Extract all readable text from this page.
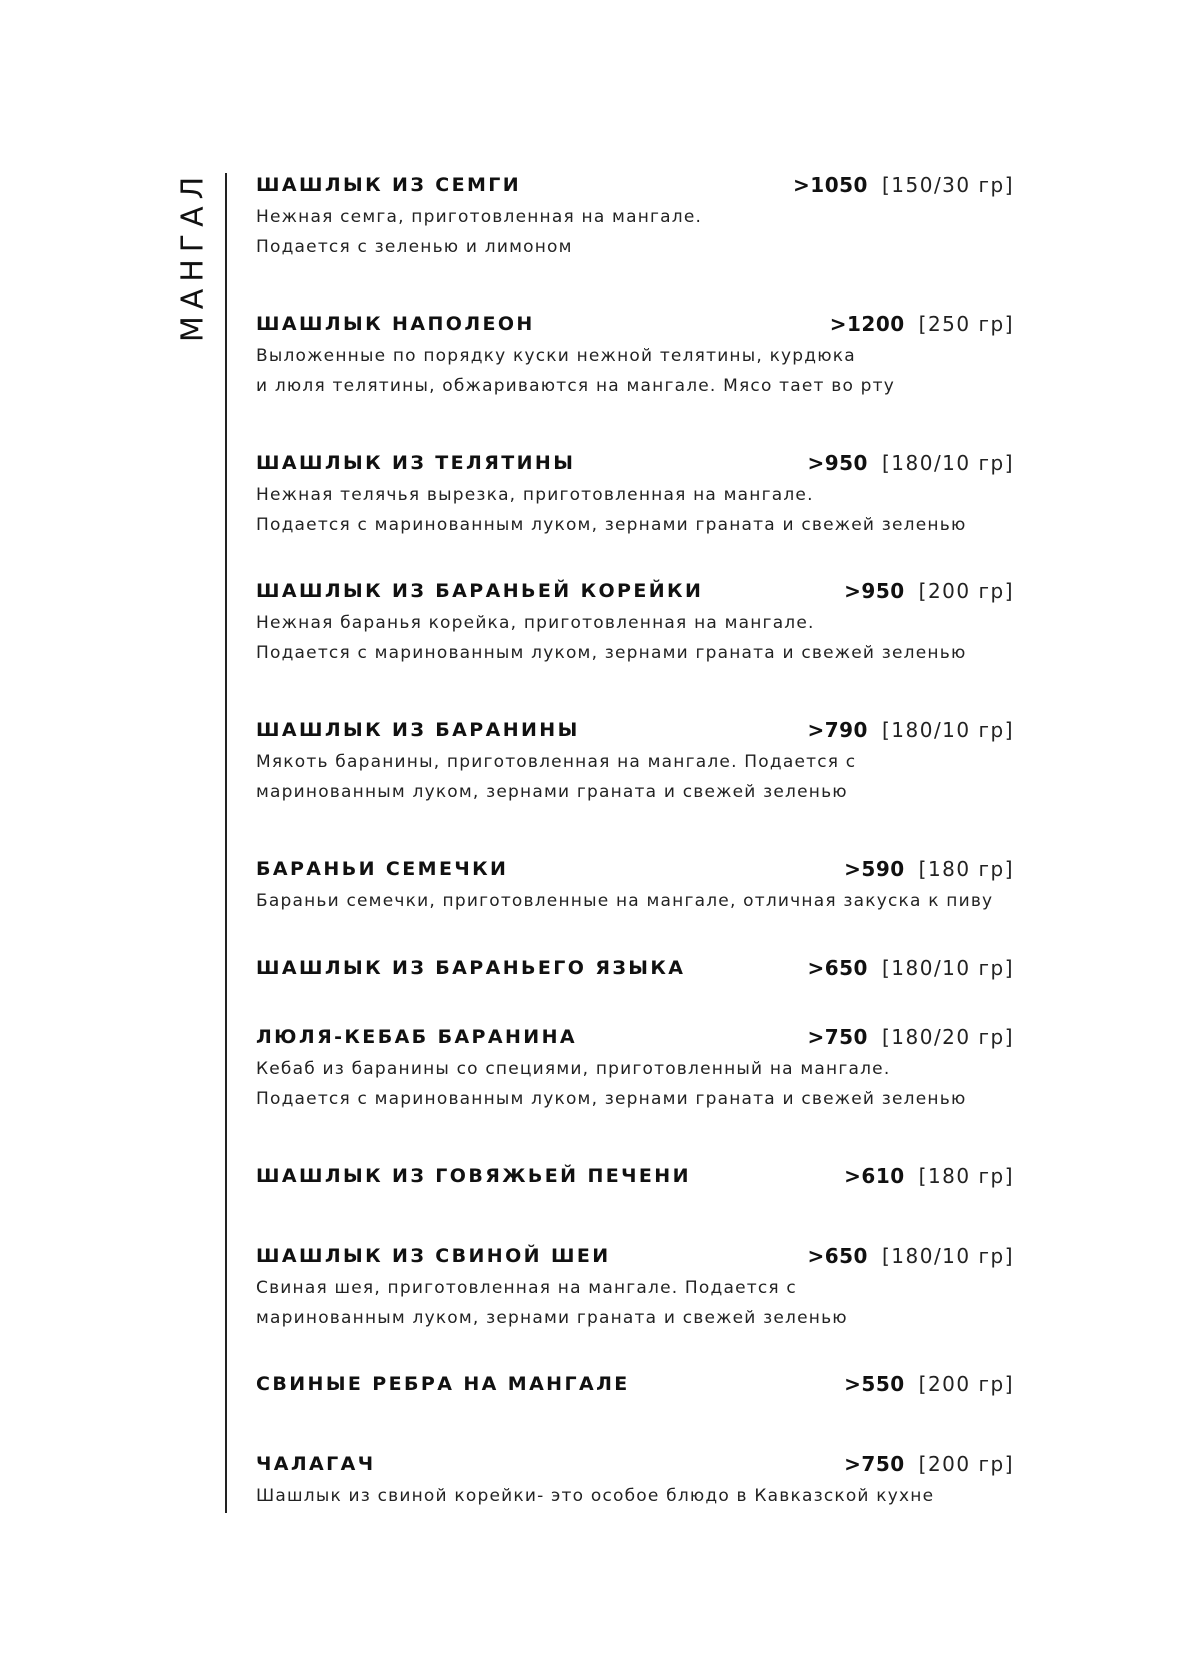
МАНГАЛ ШАШЛЫК ИЗ СЕМГИ	>1050 [150/30 гр]
Нежная семга, приготовленная на мангале.
Подается с зеленью и лимоном
ШАШЛЫК НАПОЛЕОН	>1200 [250 гр]
Выложенные по порядку куски нежной телятины, курдюка
и люля телятины, обжариваются на мангале. Мясо тает во рту
ШАШЛЫК ИЗ ТЕЛЯТИНЫ	>950 [180/10 гр]
Нежная телячья вырезка, приготовленная на мангале.
Подается с маринованным луком, зернами граната и свежей зеленью
ШАШЛЫК ИЗ БАРАНЬЕЙ КОРЕЙКИ	>950 [200 гр]
Нежная баранья корейка, приготовленная на мангале.
Подается с маринованным луком, зернами граната и свежей зеленью
ШАШЛЫК ИЗ БАРАНИНЫ	>790 [180/10 гр]
Мякоть баранины, приготовленная на мангале. Подается с
маринованным луком, зернами граната и свежей зеленью
БАРАНЬИ СЕМЕЧКИ	>590 [180 гр]
Бараньи семечки, приготовленные на мангале, отличная закуска к пиву
ШАШЛЫК ИЗ БАРАНЬЕГО ЯЗЫКА	>650 [180/10 гр]
ЛЮЛЯ-КЕБАБ БАРАНИНА	>750 [180/20 гр]
Кебаб из баранины со специями, приготовленный на мангале.
Подается с маринованным луком, зернами граната и свежей зеленью
ШАШЛЫК ИЗ ГОВЯЖЬЕЙ ПЕЧЕНИ	>610 [180 гр]
ШАШЛЫК ИЗ СВИНОЙ ШЕИ	>650 [180/10 гр]
Свиная шея, приготовленная на мангале. Подается с
маринованным луком, зернами граната и свежей зеленью
СВИНЫЕ РЕБРА НА МАНГАЛЕ	>550 [200 гр]
ЧАЛАГАЧ	>750 [200 гр]
Шашлык из свиной корейки- это особое блюдо в Кавказской кухне
